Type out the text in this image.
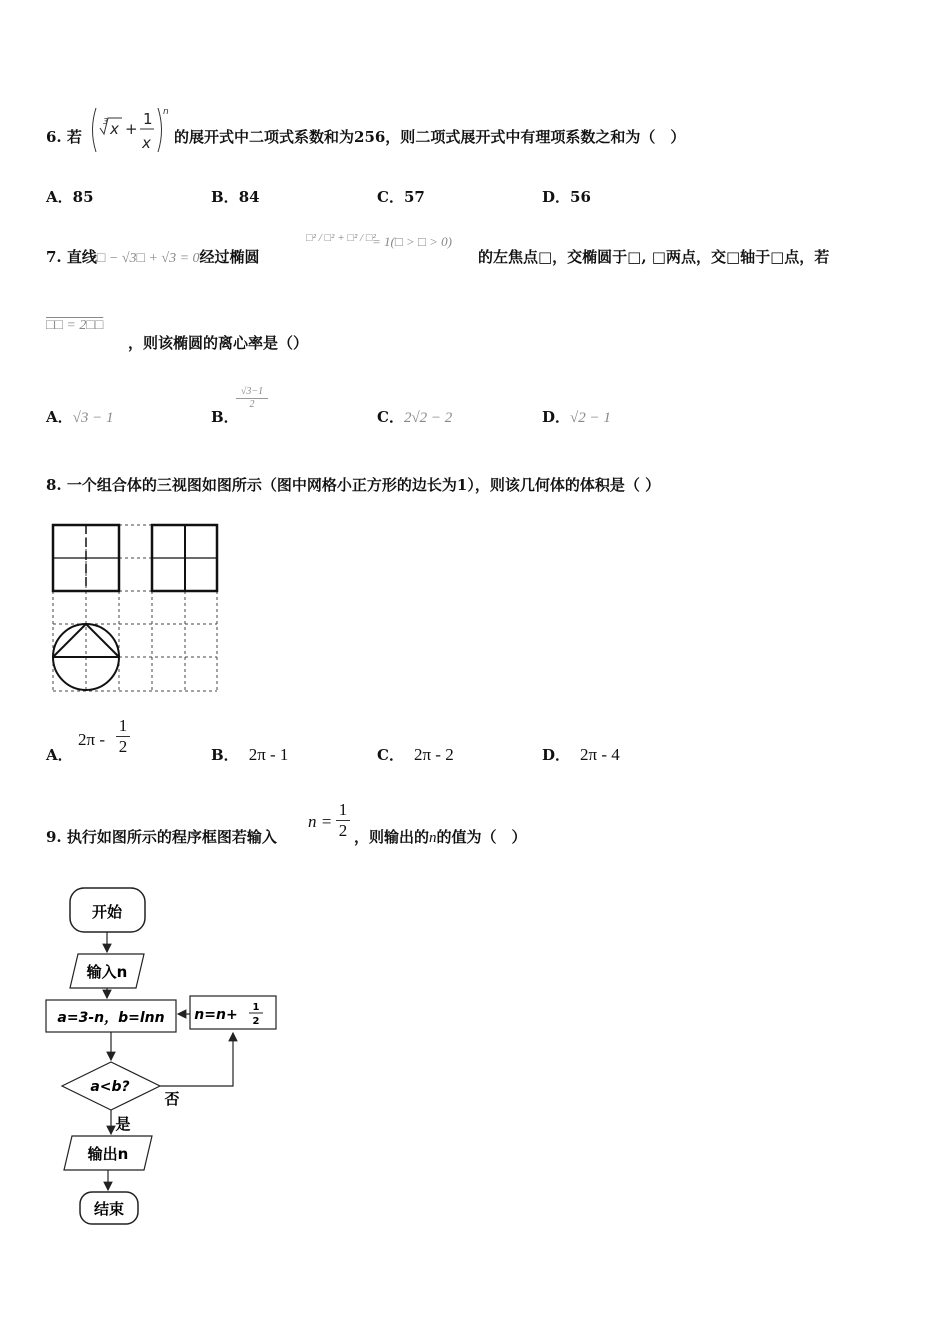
6. 若
3 x +
1
x
n
的展开式中二项式系数和为256，则二项式展开式中有理项系数之和为（　）
A．85	B．84	C．57	D．56
7. 直线□ − √3□ + √3 = 0经过椭圆
□² / □² + □² / □²
= 1(□ > □ > 0)
的左焦点□，交椭圆于□, □两点，交□轴于□点，若
□□ = 2□□
，则该椭圆的离心率是（）
A．√3 − 1	B．
$\frac{√3-1}{2}$
C．2√2 − 2	D．√2 − 1
8. 一个组合体的三视图如图所示（图中网格小正方形的边长为1），则该几何体的体积是（ ）
A．
$2\pi - \frac{1}{2}$	B． 2π - 1	C． 2π - 2	D． 2π - 4
9. 执行如图所示的程序框图若输入
$n = \frac{1}{2}$ ，则输出的n的值为（　）
开始
输入n
a=3-n，b=lnn n=n+ 1
2
a<b?
否
是
输出n
结束
